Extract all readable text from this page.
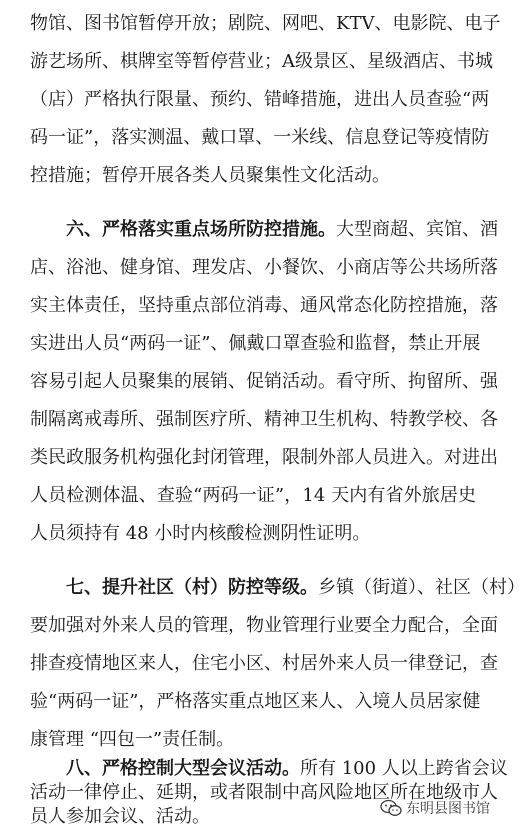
物馆、图书馆暂停开放；剧院、网吧、KTV、电影院、电子
游艺场所、棋牌室等暂停营业；A级景区、星级酒店、书城
（店）严格执行限量、预约、错峰措施，进出人员查验“两
码一证”，落实测温、戴口罩、一米线、信息登记等疫情防
控措施；暂停开展各类人员聚集性文化活动。
六、严格落实重点场所防控措施。大型商超、宾馆、酒
店、浴池、健身馆、理发店、小餐饮、小商店等公共场所落
实主体责任，坚持重点部位消毒、通风常态化防控措施，落
实进出人员“两码一证”、佩戴口罩查验和监督，禁止开展
容易引起人员聚集的展销、促销活动。看守所、拘留所、强
制隔离戒毒所、强制医疗所、精神卫生机构、特教学校、各
类民政服务机构强化封闭管理，限制外部人员进入。对进出
人员检测体温、查验“两码一证”，14 天内有省外旅居史
人员须持有 48 小时内核酸检测阴性证明。
七、提升社区（村）防控等级。乡镇（街道）、社区（村）
要加强对外来人员的管理，物业管理行业要全力配合，全面
排查疫情地区来人，住宅小区、村居外来人员一律登记，查
验“两码一证”，严格落实重点地区来人、入境人员居家健
康管理 “四包一”责任制。
八、严格控制大型会议活动。所有 100 人以上跨省会议
活动一律停止、延期，或者限制中高风险地区所在地级市人
员人参加会议、活动。	东明县图书馆
